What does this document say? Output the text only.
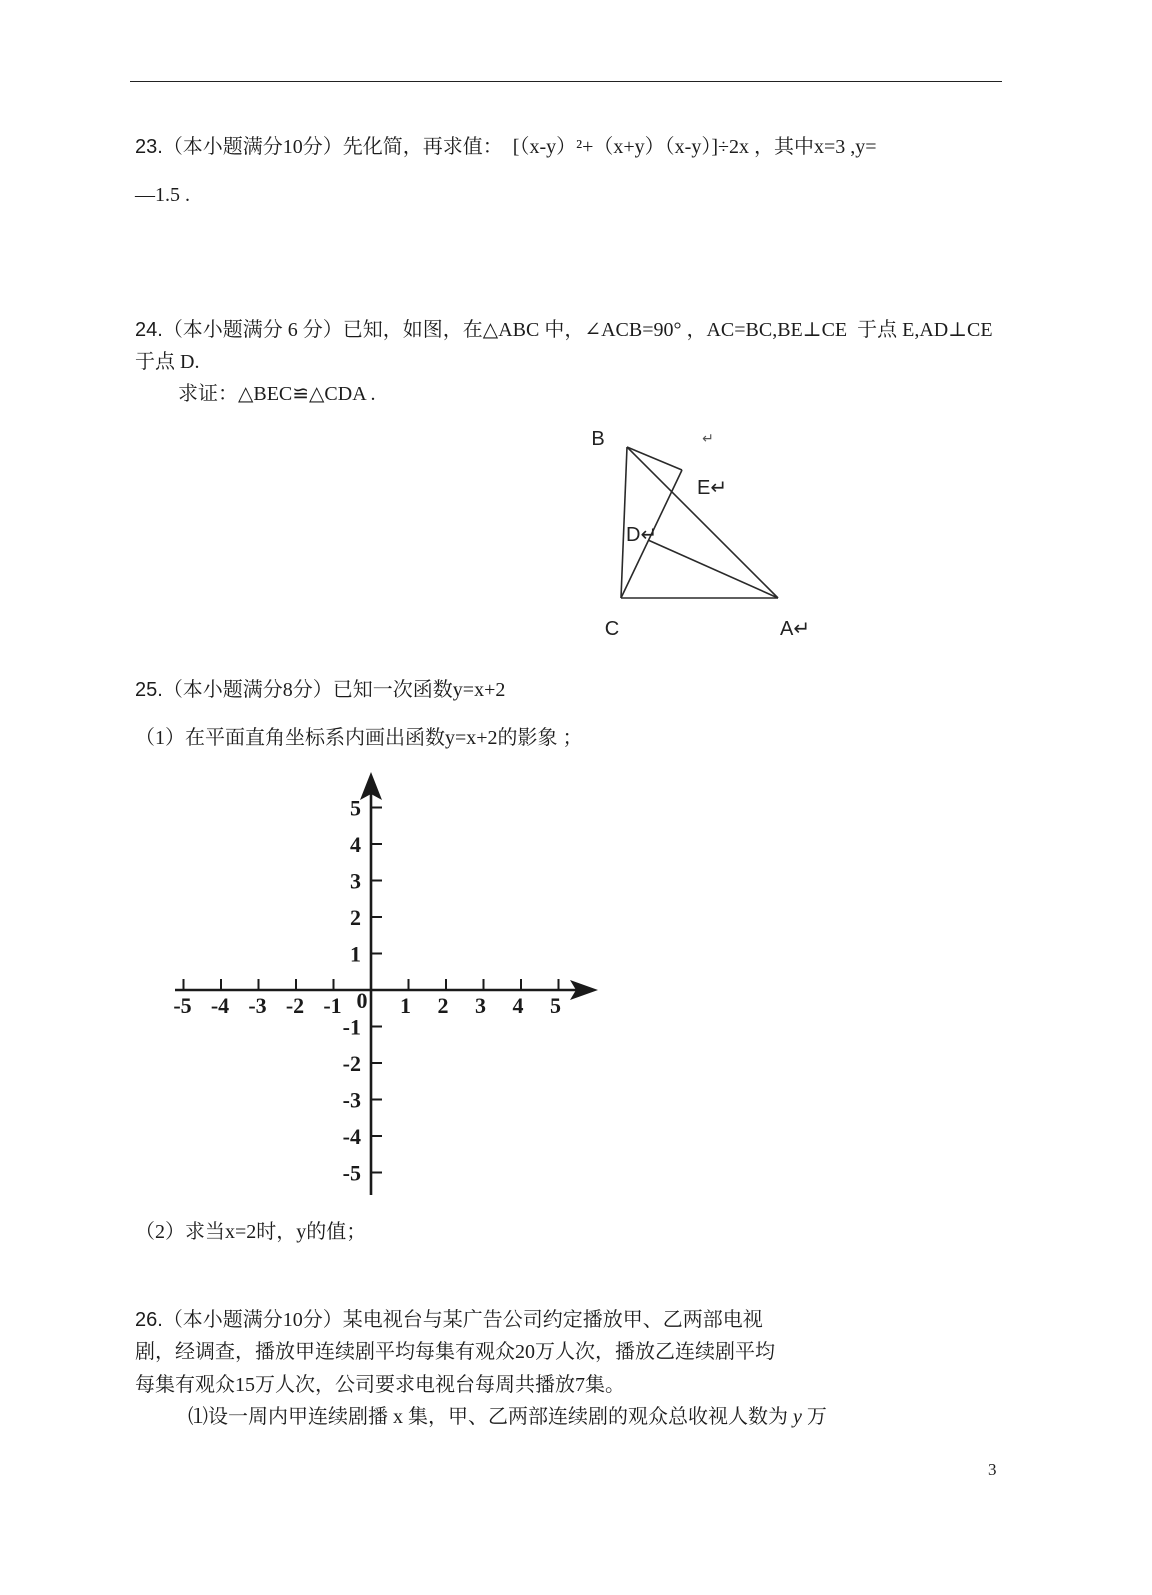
23.（本小题满分10分）先化简，再求值：  [（x-y）²+（x+y）（x-y）]÷2x ，其中x=3 ,y=
—1.5 .
24.（本小题满分 6 分）已知，如图，在△ABC 中，∠ACB=90° ，AC=BC,BE⊥CE  于点 E,AD⊥CE
于点 D.
求证：△BEC≌△CDA .
B	↵
E↵
D↵
C	A↵
25.（本小题满分8分）已知一次函数y=x+2
（1）在平面直角坐标系内画出函数y=x+2的影象 ；
0
-5 -4 -3 -2 -1	1 2 3 4 5
5
4
3
2
1
-1
-2
-3
-4
-5
（2）求当x=2时，y的值；
26.（本小题满分10分）某电视台与某广告公司约定播放甲、乙两部电视
剧，经调查，播放甲连续剧平均每集有观众20万人次，播放乙连续剧平均
每集有观众15万人次，公司要求电视台每周共播放7集。
⑴设一周内甲连续剧播 x 集，甲、乙两部连续剧的观众总收视人数为 y 万
3
